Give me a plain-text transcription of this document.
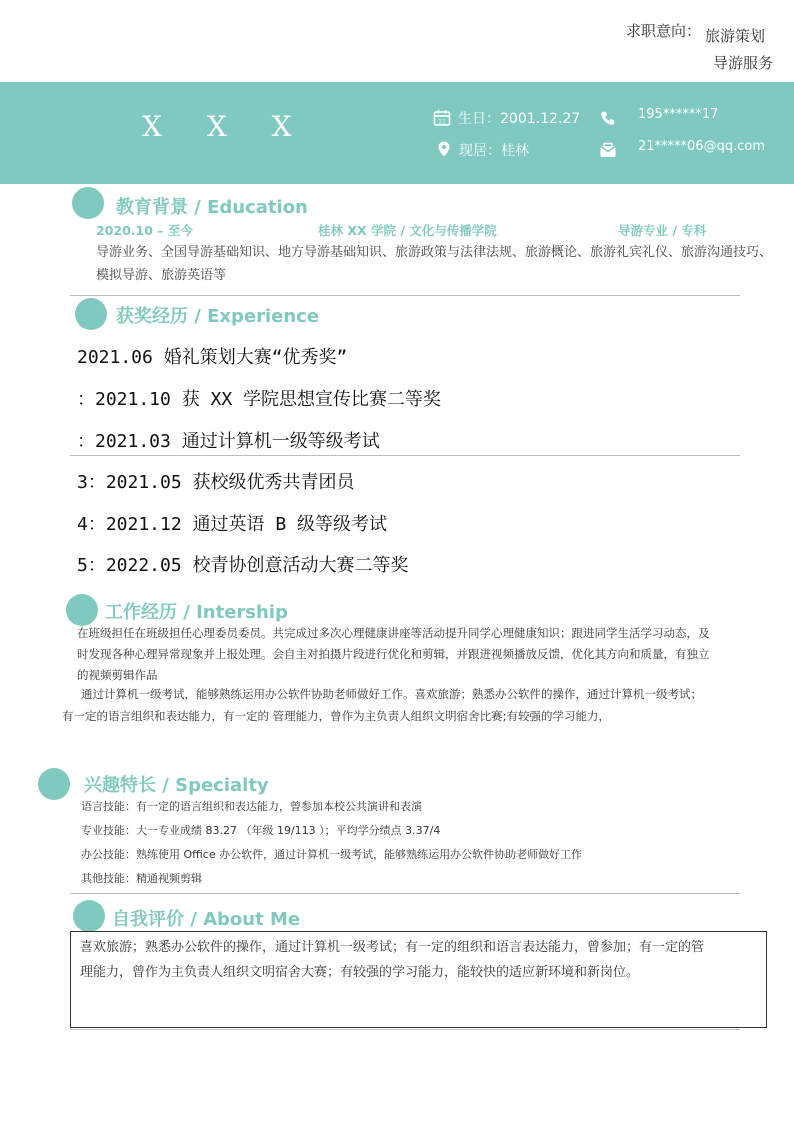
求职意向： 旅游策划
导游服务
X X X	11 生日：2001.12.27
现居：桂林
195******17
21*****06@qq.com
教育背景 / Education
2020.10 – 至今	桂林 XX 学院 / 文化与传播学院	导游专业 / 专科
导游业务、全国导游基础知识、地方导游基础知识、旅游政策与法律法规、旅游概论、旅游礼宾礼仪、旅游沟通技巧、模拟导游、旅游英语等
获奖经历 / Experience
2021.06 婚礼策划大赛“优秀奖”
：2021.10 获 XX 学院思想宣传比赛二等奖
：2021.03 通过计算机一级等级考试
3：2021.05 获校级优秀共青团员
4：2021.12 通过英语 B 级等级考试
5：2022.05 校青协创意活动大赛二等奖
工作经历 / Intership
在班级担任在班级担任心理委员委员。共完成过多次心理健康讲座等活动提升同学心理健康知识；跟进同学生活学习动态，及
时发现各种心理异常现象并上报处理。会自主对拍摄片段进行优化和剪辑，并跟进视频播放反馈，优化其方向和质量，有独立
的视频剪辑作品
通过计算机一级考试，能够熟练运用办公软件协助老师做好工作。喜欢旅游；熟悉办公软件的操作，通过计算机一级考试；
有一定的语言组织和表达能力，有一定的 管理能力，曾作为主负责人组织文明宿舍比赛;有较强的学习能力，
兴趣特长 / Specialty
语言技能：有一定的语言组织和表达能力，曾参加本校公共演讲和表演
专业技能：大一专业成绩 83.27 （年级 19/113 ）；平均学分绩点 3.37/4
办公技能：熟练使用 Office 办公软件，通过计算机一级考试，能够熟练运用办公软件协助老师做好工作
其他技能：精通视频剪辑
自我评价 / About Me
喜欢旅游；熟悉办公软件的操作，通过计算机一级考试；有一定的组织和语言表达能力，曾参加；有一定的管
理能力，曾作为主负责人组织文明宿舍大赛；有较强的学习能力，能较快的适应新环境和新岗位。
